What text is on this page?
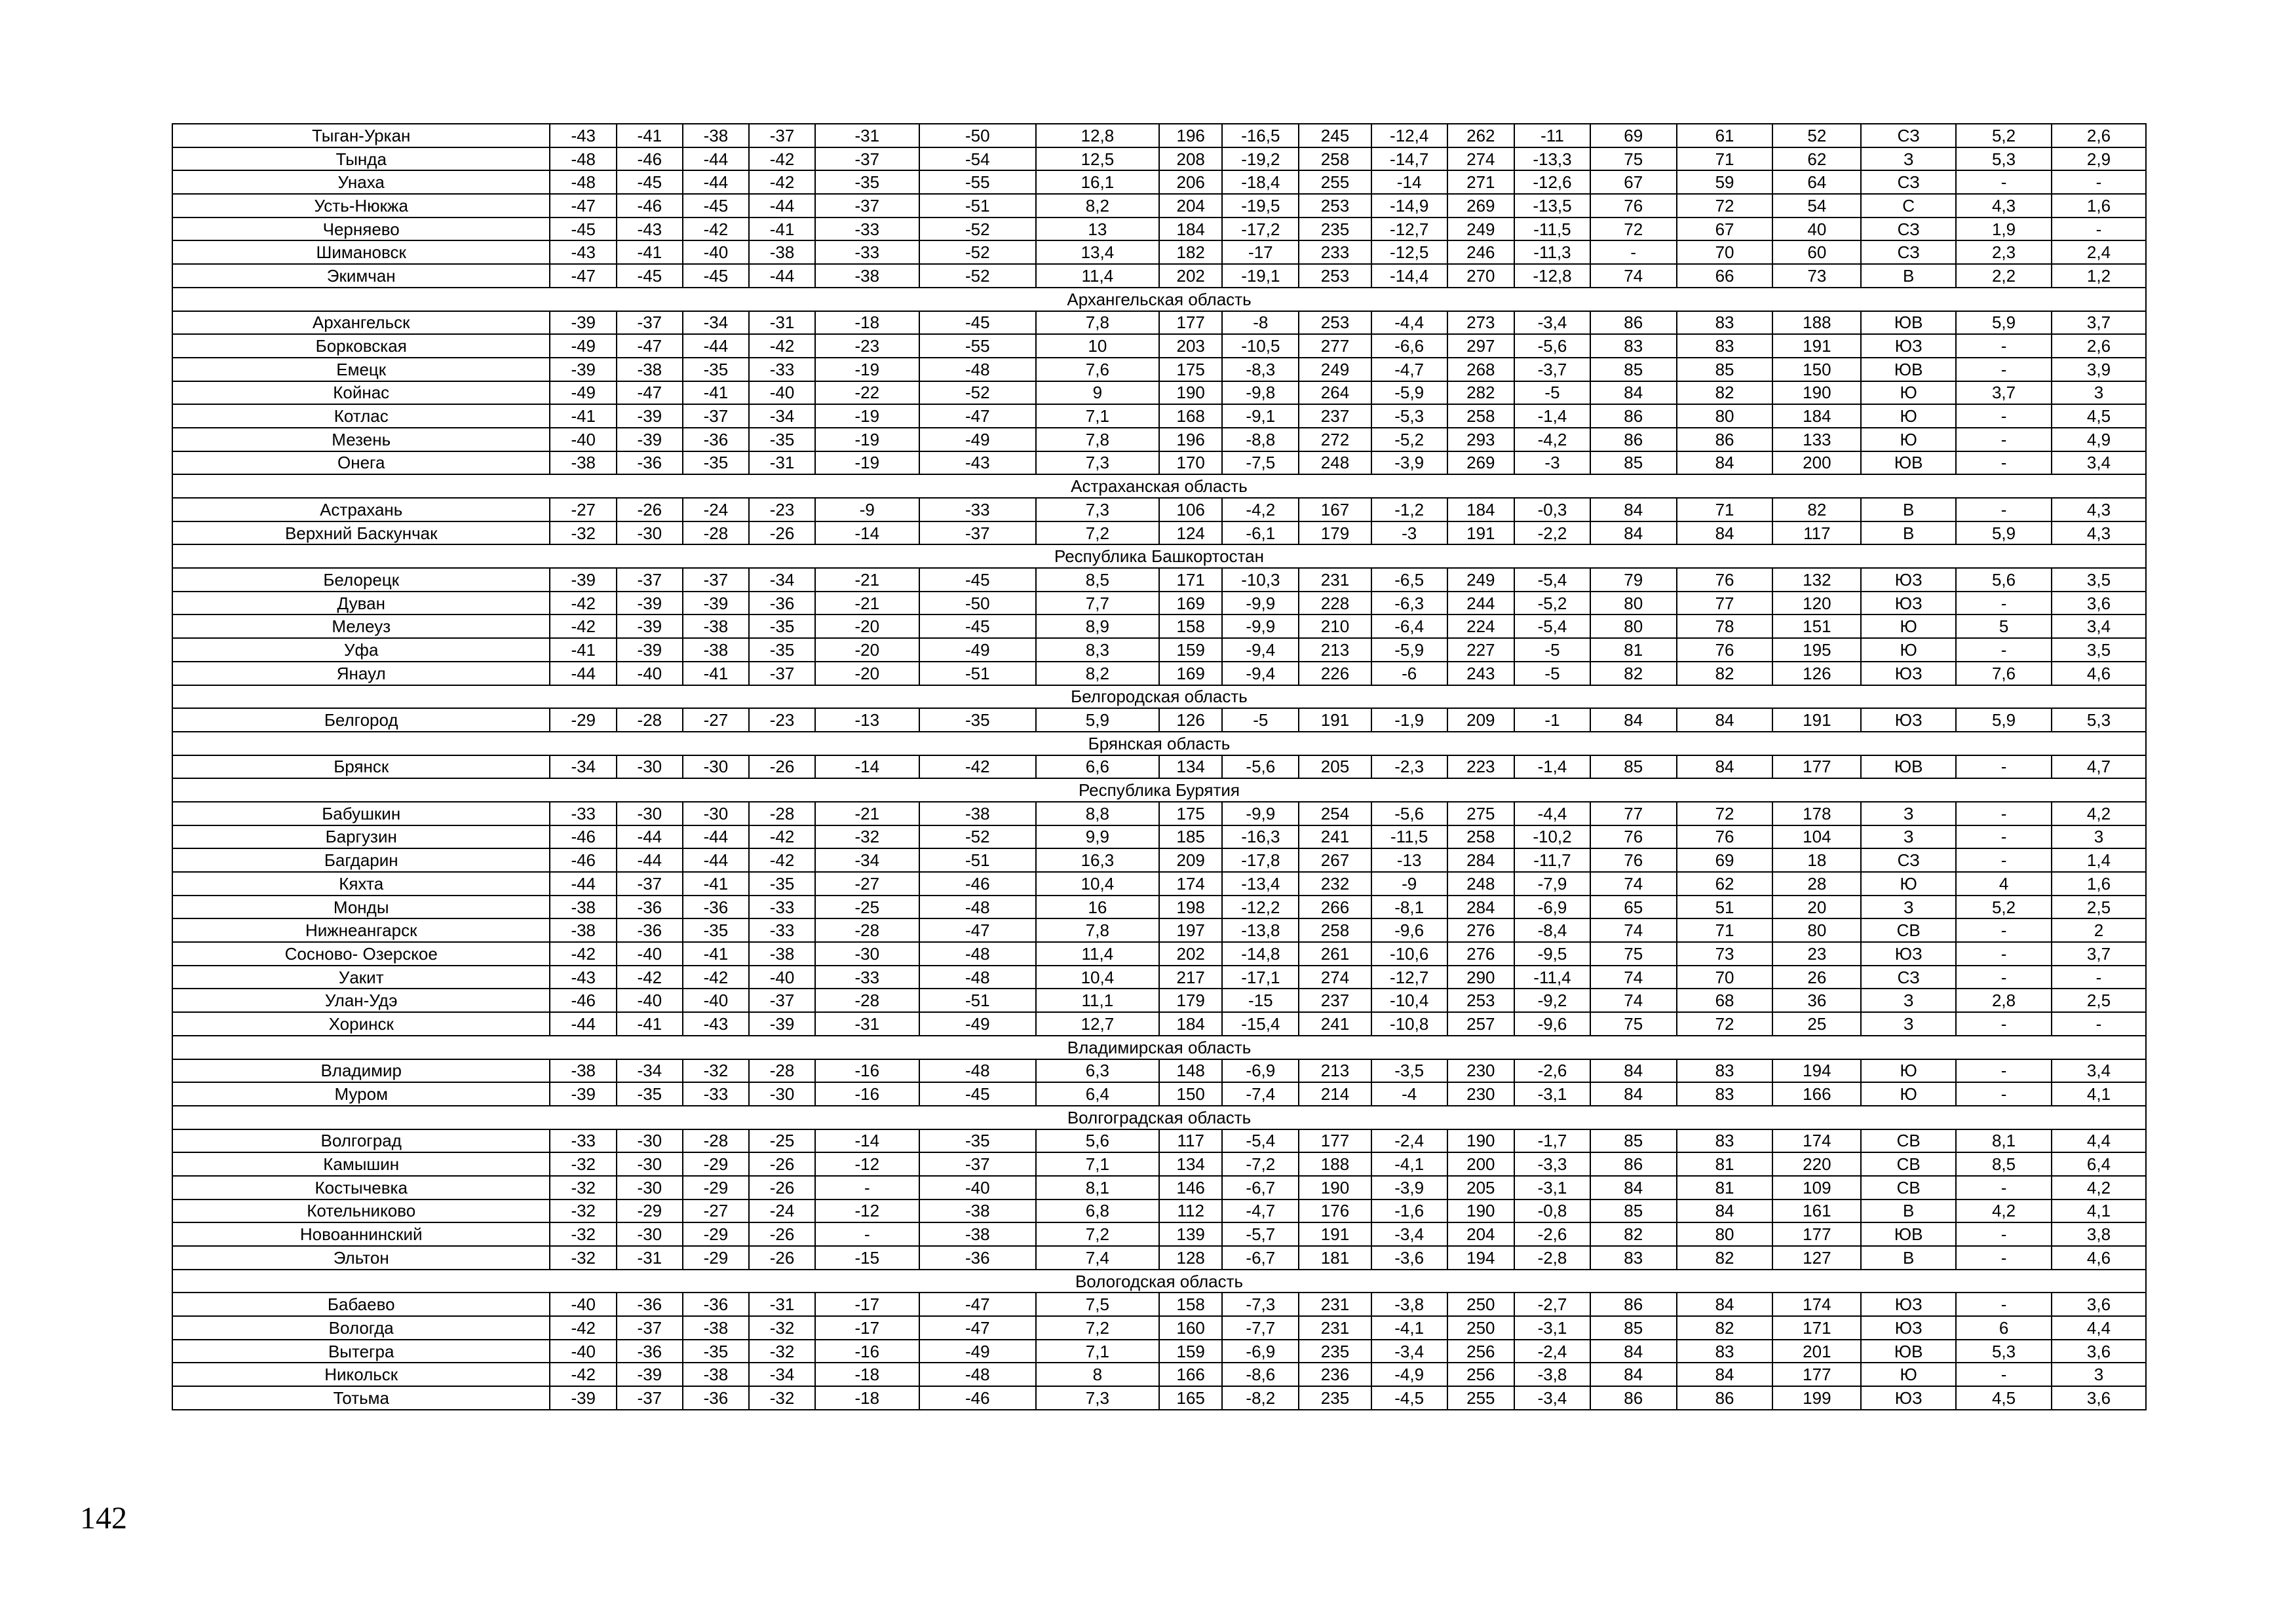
Тыган-Уркан	-43	-41	-38	-37	-31	-50	12,8	196	-16,5	245	-12,4	262	-11	69	61	52	СЗ	5,2	2,6
Тында	-48	-46	-44	-42	-37	-54	12,5	208	-19,2	258	-14,7	274	-13,3	75	71	62	З	5,3	2,9
Унаха	-48	-45	-44	-42	-35	-55	16,1	206	-18,4	255	-14	271	-12,6	67	59	64	СЗ	-	-
Усть-Нюкжа	-47	-46	-45	-44	-37	-51	8,2	204	-19,5	253	-14,9	269	-13,5	76	72	54	С	4,3	1,6
Черняево	-45	-43	-42	-41	-33	-52	13	184	-17,2	235	-12,7	249	-11,5	72	67	40	СЗ	1,9	-
Шимановск	-43	-41	-40	-38	-33	-52	13,4	182	-17	233	-12,5	246	-11,3	-	70	60	СЗ	2,3	2,4
Экимчан	-47	-45	-45	-44	-38	-52	11,4	202	-19,1	253	-14,4	270	-12,8	74	66	73	В	2,2	1,2
Архангельская область																			
Архангельск	-39	-37	-34	-31	-18	-45	7,8	177	-8	253	-4,4	273	-3,4	86	83	188	ЮВ	5,9	3,7
Борковская	-49	-47	-44	-42	-23	-55	10	203	-10,5	277	-6,6	297	-5,6	83	83	191	ЮЗ	-	2,6
Емецк	-39	-38	-35	-33	-19	-48	7,6	175	-8,3	249	-4,7	268	-3,7	85	85	150	ЮВ	-	3,9
Койнас	-49	-47	-41	-40	-22	-52	9	190	-9,8	264	-5,9	282	-5	84	82	190	Ю	3,7	3
Котлас	-41	-39	-37	-34	-19	-47	7,1	168	-9,1	237	-5,3	258	-1,4	86	80	184	Ю	-	4,5
Мезень	-40	-39	-36	-35	-19	-49	7,8	196	-8,8	272	-5,2	293	-4,2	86	86	133	Ю	-	4,9
Онега	-38	-36	-35	-31	-19	-43	7,3	170	-7,5	248	-3,9	269	-3	85	84	200	ЮВ	-	3,4
Астраханская область																			
Астрахань	-27	-26	-24	-23	-9	-33	7,3	106	-4,2	167	-1,2	184	-0,3	84	71	82	В	-	4,3
Верхний Баскунчак	-32	-30	-28	-26	-14	-37	7,2	124	-6,1	179	-3	191	-2,2	84	84	117	В	5,9	4,3
Республика Башкортостан																			
Белорецк	-39	-37	-37	-34	-21	-45	8,5	171	-10,3	231	-6,5	249	-5,4	79	76	132	ЮЗ	5,6	3,5
Дуван	-42	-39	-39	-36	-21	-50	7,7	169	-9,9	228	-6,3	244	-5,2	80	77	120	ЮЗ	-	3,6
Мелеуз	-42	-39	-38	-35	-20	-45	8,9	158	-9,9	210	-6,4	224	-5,4	80	78	151	Ю	5	3,4
Уфа	-41	-39	-38	-35	-20	-49	8,3	159	-9,4	213	-5,9	227	-5	81	76	195	Ю	-	3,5
Янаул	-44	-40	-41	-37	-20	-51	8,2	169	-9,4	226	-6	243	-5	82	82	126	ЮЗ	7,6	4,6
Белгородская область																			
Белгород	-29	-28	-27	-23	-13	-35	5,9	126	-5	191	-1,9	209	-1	84	84	191	ЮЗ	5,9	5,3
Брянская область																			
Брянск	-34	-30	-30	-26	-14	-42	6,6	134	-5,6	205	-2,3	223	-1,4	85	84	177	ЮВ	-	4,7
Республика Бурятия																			
Бабушкин	-33	-30	-30	-28	-21	-38	8,8	175	-9,9	254	-5,6	275	-4,4	77	72	178	З	-	4,2
Баргузин	-46	-44	-44	-42	-32	-52	9,9	185	-16,3	241	-11,5	258	-10,2	76	76	104	З	-	3
Багдарин	-46	-44	-44	-42	-34	-51	16,3	209	-17,8	267	-13	284	-11,7	76	69	18	СЗ	-	1,4
Кяхта	-44	-37	-41	-35	-27	-46	10,4	174	-13,4	232	-9	248	-7,9	74	62	28	Ю	4	1,6
Монды	-38	-36	-36	-33	-25	-48	16	198	-12,2	266	-8,1	284	-6,9	65	51	20	З	5,2	2,5
Нижнеангарск	-38	-36	-35	-33	-28	-47	7,8	197	-13,8	258	-9,6	276	-8,4	74	71	80	СВ	-	2
Сосново- Озерское	-42	-40	-41	-38	-30	-48	11,4	202	-14,8	261	-10,6	276	-9,5	75	73	23	ЮЗ	-	3,7
Уакит	-43	-42	-42	-40	-33	-48	10,4	217	-17,1	274	-12,7	290	-11,4	74	70	26	СЗ	-	-
Улан-Удэ	-46	-40	-40	-37	-28	-51	11,1	179	-15	237	-10,4	253	-9,2	74	68	36	З	2,8	2,5
Хоринск	-44	-41	-43	-39	-31	-49	12,7	184	-15,4	241	-10,8	257	-9,6	75	72	25	З	-	-
Владимирская область																			
Владимир	-38	-34	-32	-28	-16	-48	6,3	148	-6,9	213	-3,5	230	-2,6	84	83	194	Ю	-	3,4
Муром	-39	-35	-33	-30	-16	-45	6,4	150	-7,4	214	-4	230	-3,1	84	83	166	Ю	-	4,1
Волгоградская область																			
Волгоград	-33	-30	-28	-25	-14	-35	5,6	117	-5,4	177	-2,4	190	-1,7	85	83	174	СВ	8,1	4,4
Камышин	-32	-30	-29	-26	-12	-37	7,1	134	-7,2	188	-4,1	200	-3,3	86	81	220	СВ	8,5	6,4
Костычевка	-32	-30	-29	-26	-	-40	8,1	146	-6,7	190	-3,9	205	-3,1	84	81	109	СВ	-	4,2
Котельниково	-32	-29	-27	-24	-12	-38	6,8	112	-4,7	176	-1,6	190	-0,8	85	84	161	В	4,2	4,1
Новоаннинский	-32	-30	-29	-26	-	-38	7,2	139	-5,7	191	-3,4	204	-2,6	82	80	177	ЮВ	-	3,8
Эльтон	-32	-31	-29	-26	-15	-36	7,4	128	-6,7	181	-3,6	194	-2,8	83	82	127	В	-	4,6
Вологодская область																			
Бабаево	-40	-36	-36	-31	-17	-47	7,5	158	-7,3	231	-3,8	250	-2,7	86	84	174	ЮЗ	-	3,6
Вологда	-42	-37	-38	-32	-17	-47	7,2	160	-7,7	231	-4,1	250	-3,1	85	82	171	ЮЗ	6	4,4
Вытегра	-40	-36	-35	-32	-16	-49	7,1	159	-6,9	235	-3,4	256	-2,4	84	83	201	ЮВ	5,3	3,6
Никольск	-42	-39	-38	-34	-18	-48	8	166	-8,6	236	-4,9	256	-3,8	84	84	177	Ю	-	3
Тотьма	-39	-37	-36	-32	-18	-46	7,3	165	-8,2	235	-4,5	255	-3,4	86	86	199	ЮЗ	4,5	3,6
142
